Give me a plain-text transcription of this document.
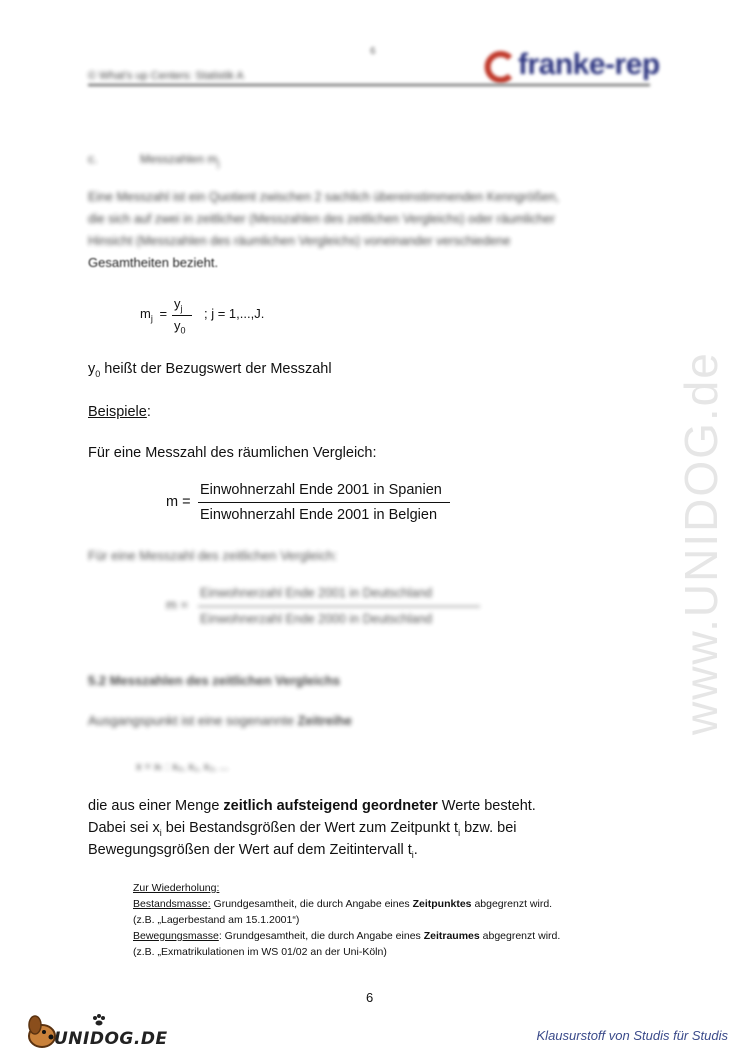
6
© What's up Centers: Statistik A	franke-rep
c.	Messzahlen $m_j$
Eine Messzahl ist ein Quotient zwischen 2 sachlich übereinstimmenden Kenngrößen,
die sich auf zwei in zeitlicher (Messzahlen des zeitlichen Vergleichs) oder räumlicher
Hinsicht (Messzahlen des räumlichen Vergleichs) voneinander verschiedene
Gesamtheiten bezieht.
$m_j$ =
$y_j$
$y_0$
; j = 1,...,J.
$y_0$ heißt der Bezugswert der Messzahl
Beispiele:
Für eine Messzahl des räumlichen Vergleich:
m =
Einwohnerzahl Ende 2001 in Spanien
Einwohnerzahl Ende 2001 in Belgien
Für eine Messzahl des zeitlichen Vergleich:
m =
Einwohnerzahl Ende 2001 in Deutschland
Einwohnerzahl Ende 2000 in Deutschland
5.2 Messzahlen des zeitlichen Vergleichs
Ausgangspunkt ist eine sogenannte Zeitreihe
x = xₜ : x₀, x₁, x₂, ...
die aus einer Menge zeitlich aufsteigend geordneter Werte besteht.
Dabei sei $x_i$ bei Bestandsgrößen der Wert zum Zeitpunkt $t_i$ bzw. bei
Bewegungsgrößen der Wert auf dem Zeitintervall $t_i$.
Zur Wiederholung:
Bestandsmasse: Grundgesamtheit, die durch Angabe eines Zeitpunktes abgegrenzt wird.
(z.B. „Lagerbestand am 15.1.2001“)
Bewegungsmasse: Grundgesamtheit, die durch Angabe eines Zeitraumes abgegrenzt wird.
(z.B. „Exmatrikulationen im WS 01/02 an der Uni-Köln)
www.UNIDOG.de
6
UNIDOG.DE	Klausurstoff von Studis für Studis
